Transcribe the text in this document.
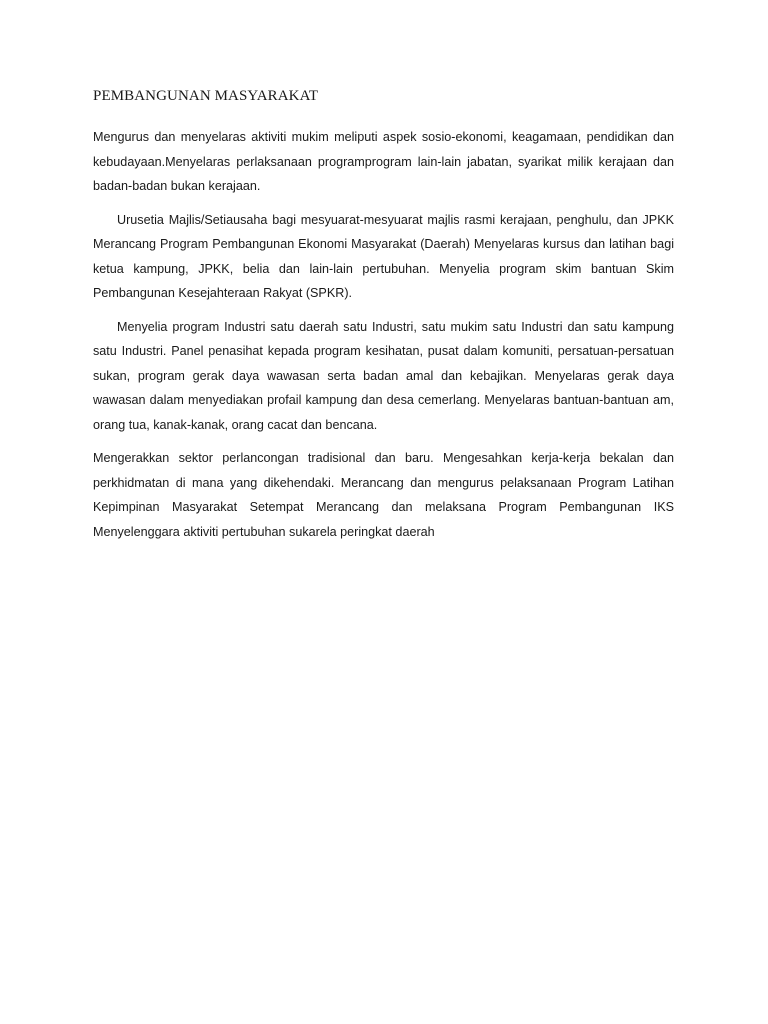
PEMBANGUNAN MASYARAKAT

Mengurus dan menyelaras aktiviti mukim meliputi aspek sosio-ekonomi, keagamaan, pendidikan dan kebudayaan.Menyelaras perlaksanaan programprogram lain-lain jabatan, syarikat milik kerajaan dan badan-badan bukan kerajaan.

Urusetia Majlis/Setiausaha bagi mesyuarat-mesyuarat majlis rasmi kerajaan, penghulu, dan JPKK Merancang Program Pembangunan Ekonomi Masyarakat (Daerah) Menyelaras kursus dan latihan bagi ketua kampung, JPKK, belia dan lain-lain pertubuhan. Menyelia program skim bantuan Skim Pembangunan Kesejahteraan Rakyat (SPKR).

Menyelia program Industri satu daerah satu Industri, satu mukim satu Industri dan satu kampung satu Industri. Panel penasihat kepada program kesihatan, pusat dalam komuniti, persatuan-persatuan sukan, program gerak daya wawasan serta badan amal dan kebajikan. Menyelaras gerak daya wawasan dalam menyediakan profail kampung dan desa cemerlang. Menyelaras bantuan-bantuan am, orang tua, kanak-kanak, orang cacat dan bencana.

Mengerakkan sektor perlancongan tradisional dan baru. Mengesahkan kerja-kerja bekalan dan perkhidmatan di mana yang dikehendaki. Merancang dan mengurus pelaksanaan Program Latihan Kepimpinan Masyarakat Setempat Merancang dan melaksana Program Pembangunan IKS Menyelenggara aktiviti pertubuhan sukarela peringkat daerah
